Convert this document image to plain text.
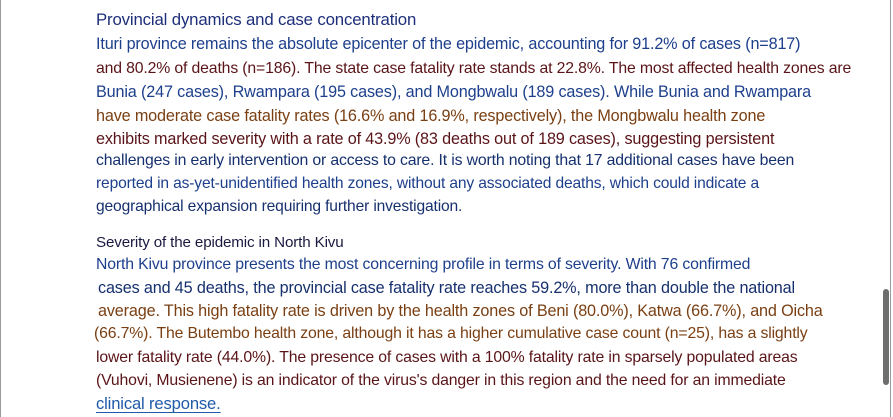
Provincial dynamics and case concentration
Ituri province remains the absolute epicenter of the epidemic, accounting for 91.2% of cases (n=817)
and 80.2% of deaths (n=186). The state case fatality rate stands at 22.8%. The most affected health zones are
Bunia (247 cases), Rwampara (195 cases), and Mongbwalu (189 cases). While Bunia and Rwampara
have moderate case fatality rates (16.6% and 16.9%, respectively), the Mongbwalu health zone
exhibits marked severity with a rate of 43.9% (83 deaths out of 189 cases), suggesting persistent
challenges in early intervention or access to care. It is worth noting that 17 additional cases have been
reported in as-yet-unidentified health zones, without any associated deaths, which could indicate a
geographical expansion requiring further investigation.
Severity of the epidemic in North Kivu
North Kivu province presents the most concerning profile in terms of severity. With 76 confirmed
cases and 45 deaths, the provincial case fatality rate reaches 59.2%, more than double the national
average. This high fatality rate is driven by the health zones of Beni (80.0%), Katwa (66.7%), and Oicha
(66.7%). The Butembo health zone, although it has a higher cumulative case count (n=25), has a slightly
lower fatality rate (44.0%). The presence of cases with a 100% fatality rate in sparsely populated areas
(Vuhovi, Musienene) is an indicator of the virus's danger in this region and the need for an immediate
clinical response.
